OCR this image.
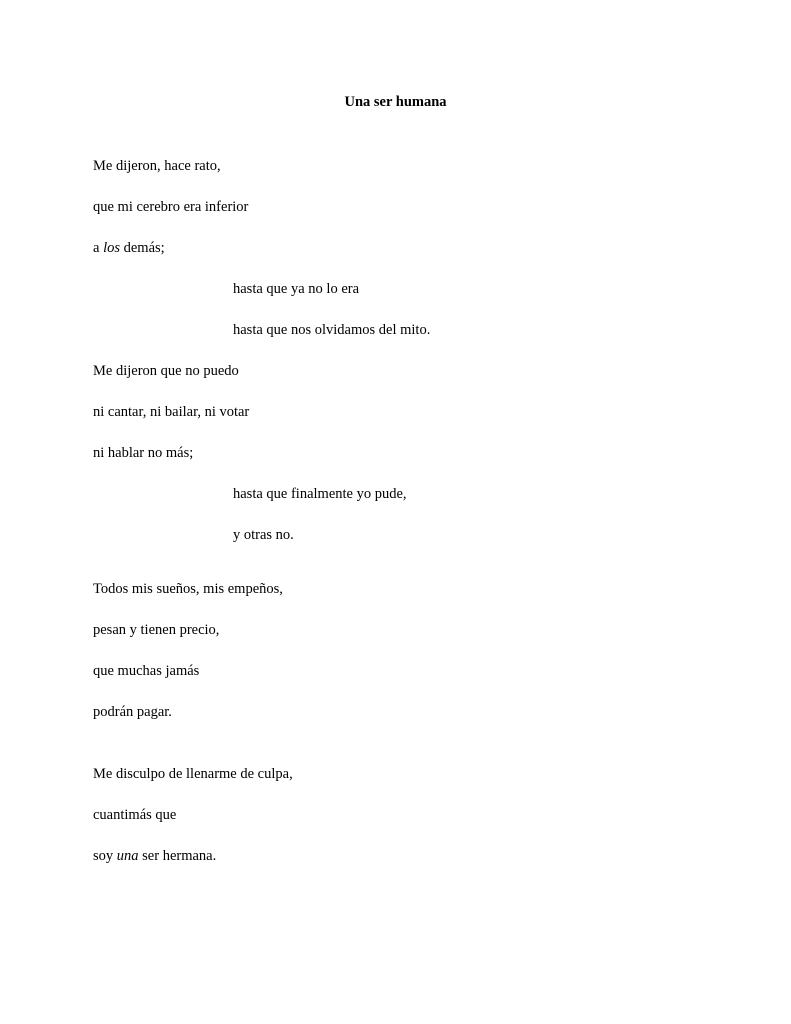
Una ser humana
Me dijeron, hace rato,
que mi cerebro era inferior
a los demás;
hasta que ya no lo era
hasta que nos olvidamos del mito.
Me dijeron que no puedo
ni cantar, ni bailar, ni votar
ni hablar no más;
hasta que finalmente yo pude,
y otras no.
Todos mis sueños, mis empeños,
pesan y tienen precio,
que muchas jamás
podrán pagar.
Me disculpo de llenarme de culpa,
cuantimás que
soy una ser hermana.
